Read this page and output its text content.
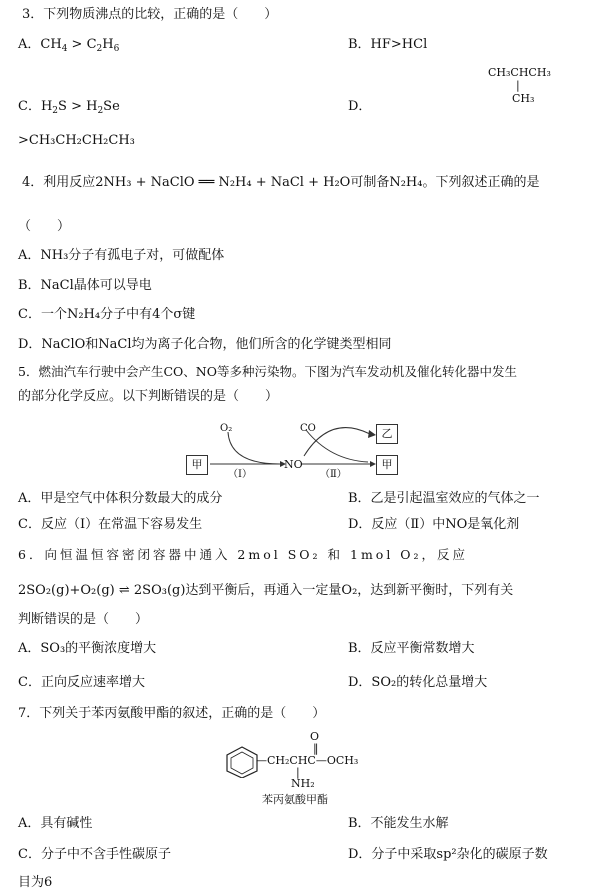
3．下列物质沸点的比较，正确的是（　　）
A．$CH_4 > C_2H_6$	B．HF>HCl
CH₃CHCH₃
|
CH₃
C．$H_2S > H_2Se$	D．
>CH₃CH₂CH₂CH₃
4．利用反应2NH₃ + NaClO ══ N₂H₄ + NaCl + H₂O可制备N₂H₄。下列叙述正确的是
（　　）
A．NH₃分子有孤电子对，可做配体
B．NaCl晶体可以导电
C．一个N₂H₄分子中有4个σ键
D．NaClO和NaCl均为离子化合物，他们所含的化学键类型相同
5．燃油汽车行驶中会产生CO、NO等多种污染物。下图为汽车发动机及催化转化器中发生
的部分化学反应。以下判断错误的是（　　）
甲
O₂
（Ⅰ）
NO
CO
（Ⅱ）
乙
甲
A．甲是空气中体积分数最大的成分	B．乙是引起温室效应的气体之一
C．反应（Ⅰ）在常温下容易发生	D．反应（Ⅱ）中NO是氧化剂
6．向恒温恒容密闭容器中通入 2mol SO₂ 和 1mol O₂，反应
2SO₂(g)+O₂(g) ⇌ 2SO₃(g)达到平衡后，再通入一定量O₂，达到新平衡时，下列有关
判断错误的是（　　）
A．SO₃的平衡浓度增大	B．反应平衡常数增大
C．正向反应速率增大	D．SO₂的转化总量增大
7．下列关于苯丙氨酸甲酯的叙述，正确的是（　　）
O
‖
—CH₂CHC—OCH₃
|
NH₂
苯丙氨酸甲酯
A．具有碱性	B．不能发生水解
C．分子中不含手性碳原子	D．分子中采取sp²杂化的碳原子数
目为6
